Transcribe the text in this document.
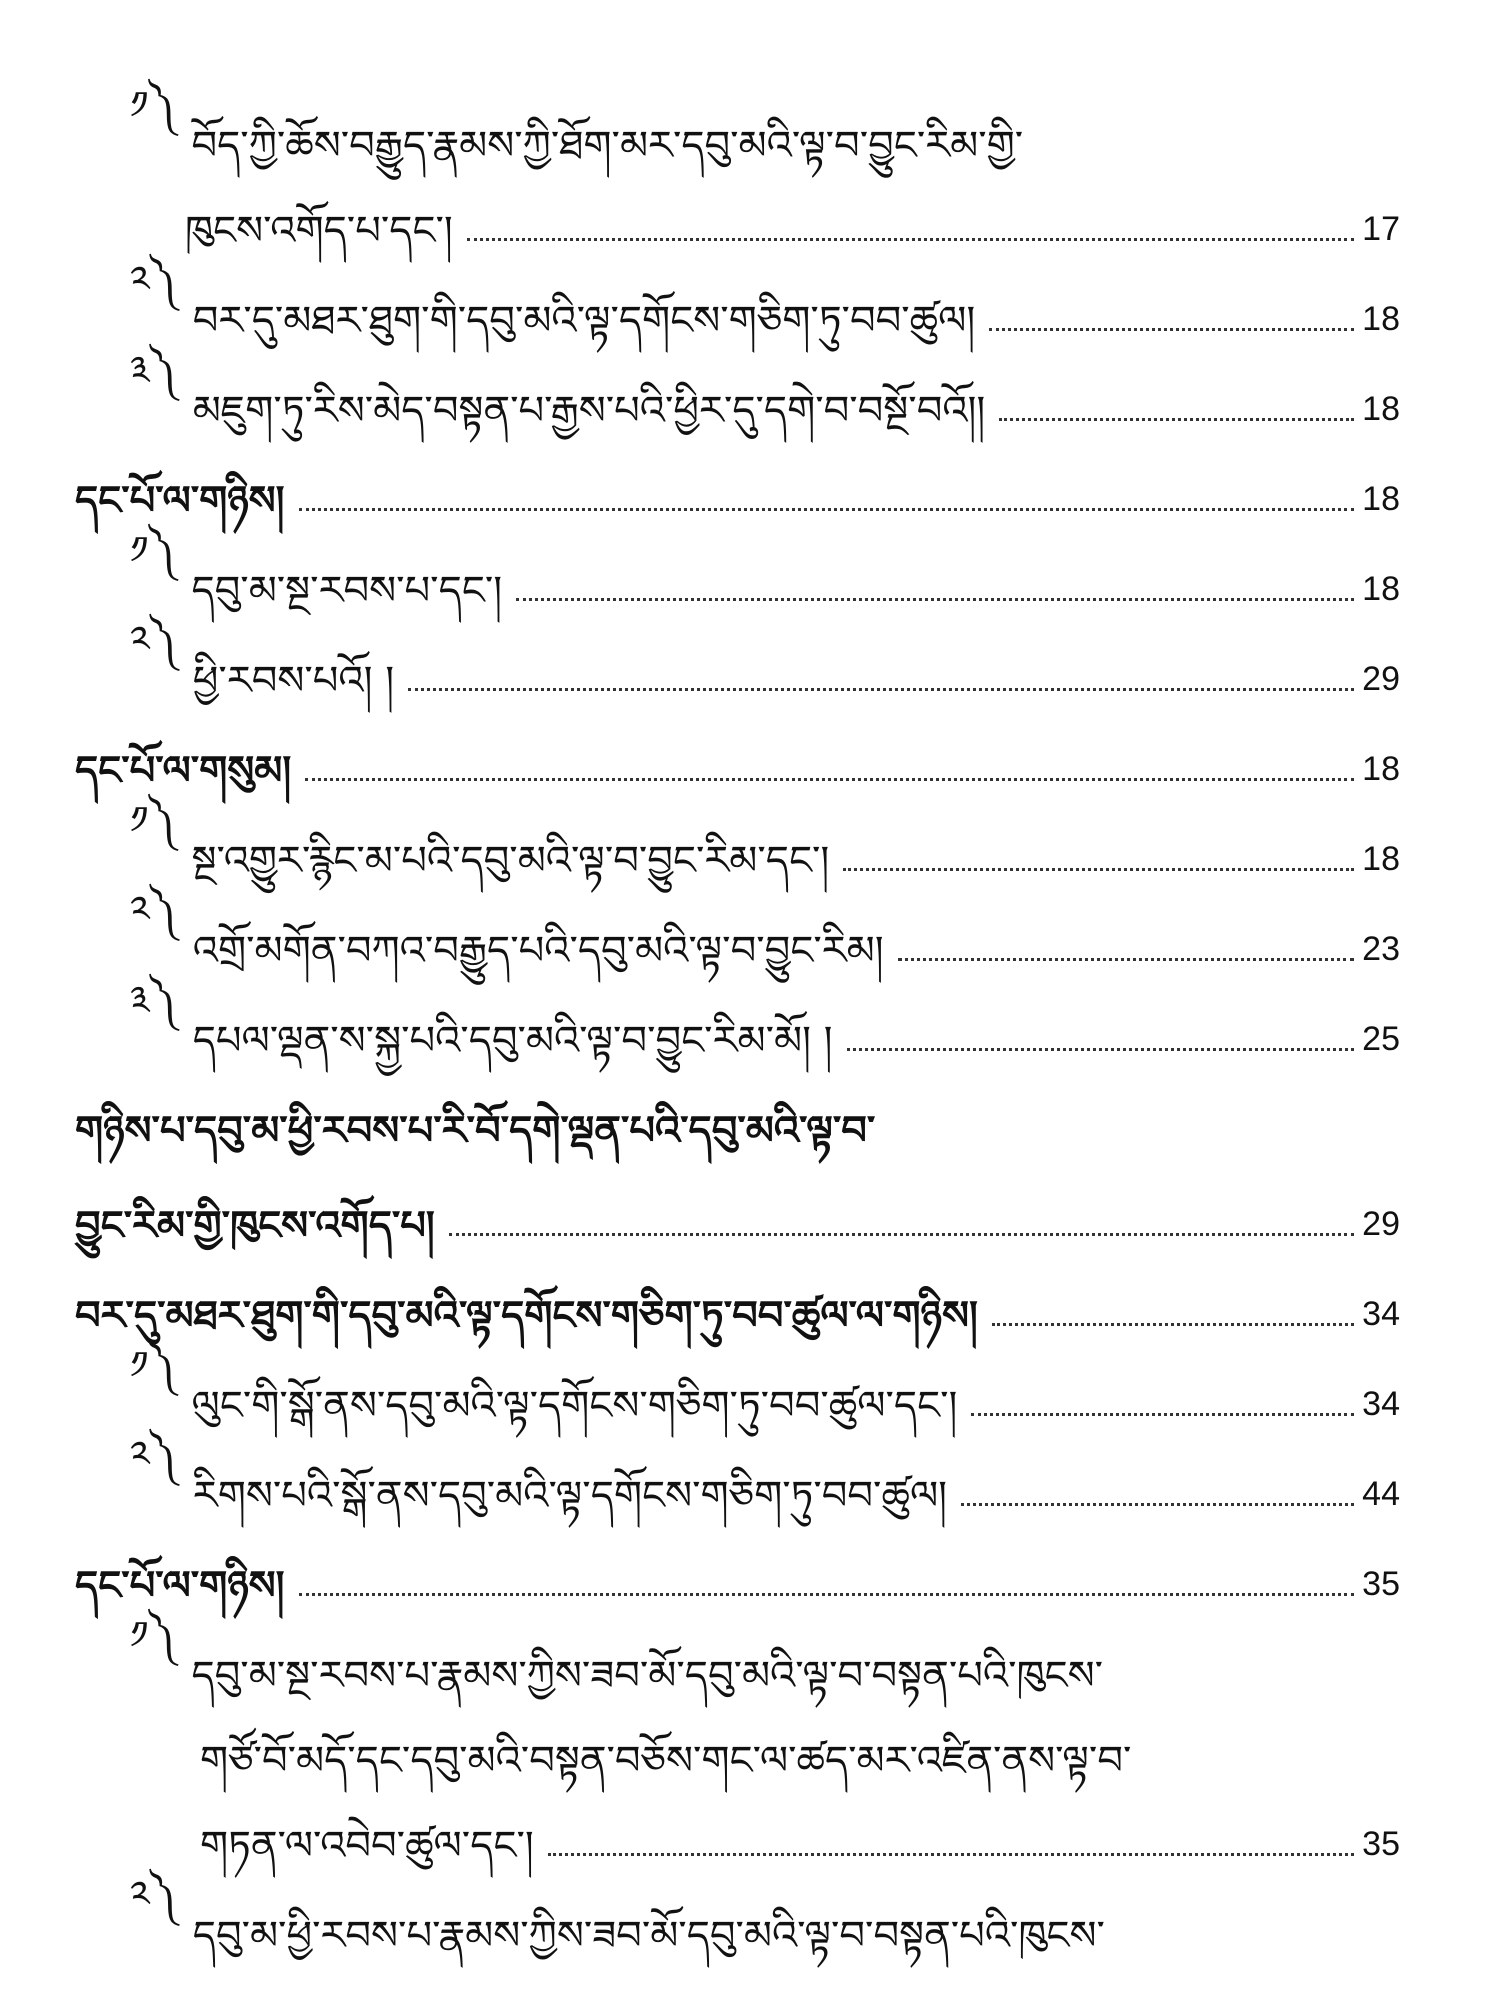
༡༽
བོད་ཀྱི་ཆོས་བརྒྱུད་རྣམས་ཀྱི་ཐོག་མར་དབུ་མའི་ལྟ་བ་བྱུང་རིམ་གྱི་
ཁུངས་འགོད་པ་དང་།	17
༢༽
བར་དུ་མཐར་ཐུག་གི་དབུ་མའི་ལྟ་དགོངས་གཅིག་ཏུ་བབ་ཚུལ།	18
༣༽
མཇུག་ཏུ་རིས་མེད་བསྟན་པ་རྒྱས་པའི་ཕྱིར་དུ་དགེ་བ་བསྔོ་བའོ།།	18
དང་པོ་ལ་གཉིས།	18
༡༽
དབུ་མ་སྔ་རབས་པ་དང་།	18
༢༽
ཕྱི་རབས་པའོ། །	29
དང་པོ་ལ་གསུམ།	18
༡༽
སྔ་འགྱུར་རྙིང་མ་པའི་དབུ་མའི་ལྟ་བ་བྱུང་རིམ་དང་།	18
༢༽
འགྲོ་མགོན་བཀའ་བརྒྱུད་པའི་དབུ་མའི་ལྟ་བ་བྱུང་རིམ།	23
༣༽
དཔལ་ལྡན་ས་སྐྱ་པའི་དབུ་མའི་ལྟ་བ་བྱུང་རིམ་མོ། །	25
གཉིས་པ་དབུ་མ་ཕྱི་རབས་པ་རི་བོ་དགེ་ལྡན་པའི་དབུ་མའི་ལྟ་བ་
བྱུང་རིམ་གྱི་ཁུངས་འགོད་པ།	29
བར་དུ་མཐར་ཐུག་གི་དབུ་མའི་ལྟ་དགོངས་གཅིག་ཏུ་བབ་ཚུལ་ལ་གཉིས།	34
༡༽
ལུང་གི་སྒོ་ནས་དབུ་མའི་ལྟ་དགོངས་གཅིག་ཏུ་བབ་ཚུལ་དང་།	34
༢༽
རིགས་པའི་སྒོ་ནས་དབུ་མའི་ལྟ་དགོངས་གཅིག་ཏུ་བབ་ཚུལ།	44
དང་པོ་ལ་གཉིས།	35
༡༽
དབུ་མ་སྔ་རབས་པ་རྣམས་ཀྱིས་ཟབ་མོ་དབུ་མའི་ལྟ་བ་བསྟན་པའི་ཁུངས་
གཙོ་བོ་མདོ་དང་དབུ་མའི་བསྟན་བཅོས་གང་ལ་ཚད་མར་འཛིན་ནས་ལྟ་བ་
གཏན་ལ་འབེབ་ཚུལ་དང་།	35
༢༽
དབུ་མ་ཕྱི་རབས་པ་རྣམས་ཀྱིས་ཟབ་མོ་དབུ་མའི་ལྟ་བ་བསྟན་པའི་ཁུངས་
